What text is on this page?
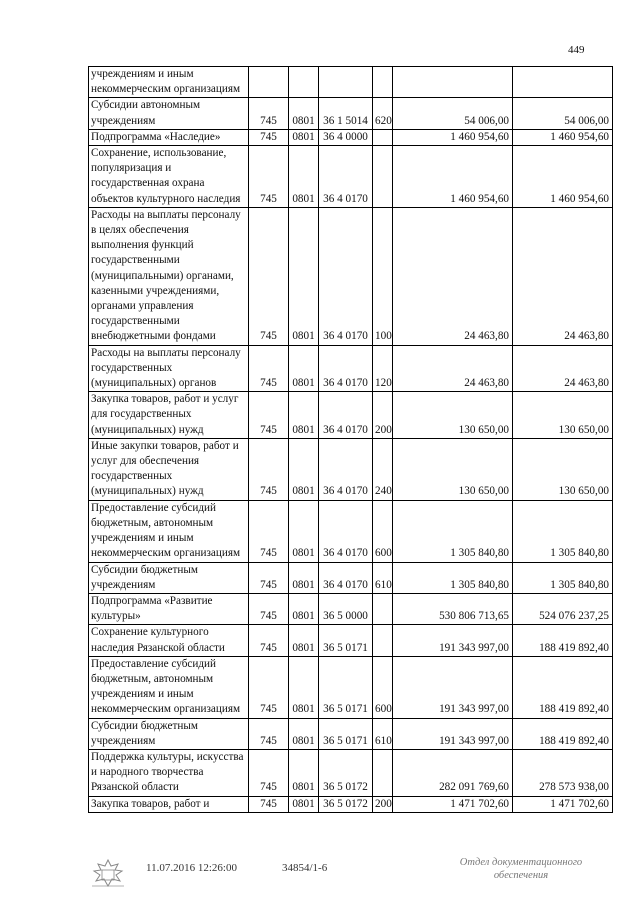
449
учреждениям и иным некоммерческим организациям						
Субсидии автономным учреждениям	745	0801	36 1 5014	620	54 006,00	54 006,00
Подпрограмма «Наследие»	745	0801	36 4 0000		1 460 954,60	1 460 954,60
Сохранение, использование, популяризация и государственная охрана объектов культурного наследия	745	0801	36 4 0170		1 460 954,60	1 460 954,60
Расходы на выплаты персоналу в целях обеспечения выполнения функций государственными (муниципальными) органами, казенными учреждениями, органами управления государственными внебюджетными фондами	745	0801	36 4 0170	100	24 463,80	24 463,80
Расходы на выплаты персоналу государственных (муниципальных) органов	745	0801	36 4 0170	120	24 463,80	24 463,80
Закупка товаров, работ и услуг для государственных (муниципальных) нужд	745	0801	36 4 0170	200	130 650,00	130 650,00
Иные закупки товаров, работ и услуг для обеспечения государственных (муниципальных) нужд	745	0801	36 4 0170	240	130 650,00	130 650,00
Предоставление субсидий бюджетным, автономным учреждениям и иным некоммерческим организациям	745	0801	36 4 0170	600	1 305 840,80	1 305 840,80
Субсидии бюджетным учреждениям	745	0801	36 4 0170	610	1 305 840,80	1 305 840,80
Подпрограмма «Развитие культуры»	745	0801	36 5 0000		530 806 713,65	524 076 237,25
Сохранение культурного наследия Рязанской области	745	0801	36 5 0171		191 343 997,00	188 419 892,40
Предоставление субсидий бюджетным, автономным учреждениям и иным некоммерческим организациям	745	0801	36 5 0171	600	191 343 997,00	188 419 892,40
Субсидии бюджетным учреждениям	745	0801	36 5 0171	610	191 343 997,00	188 419 892,40
Поддержка культуры, искусства и народного творчества Рязанской области	745	0801	36 5 0172		282 091 769,60	278 573 938,00
Закупка товаров, работ и	745	0801	36 5 0172	200	1 471 702,60	1 471 702,60
11.07.2016 12:26:00	34854/1-6	Отдел документационного
обеспечения
